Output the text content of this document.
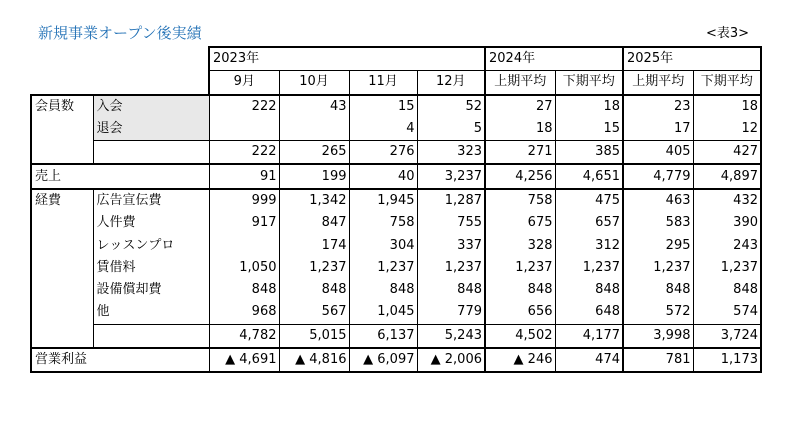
新規事業オープン後実績	<表3>
		2023年				2024年		2025年	
		9月	10月	11月	12月	上期平均	下期平均	上期平均	下期平均
会員数	入会	222	43	15	52	27	18	23	18
	退会			4	5	18	15	17	12
		222	265	276	323	271	385	405	427
売上		91	199	40	3,237	4,256	4,651	4,779	4,897
経費	広告宣伝費	999	1,342	1,945	1,287	758	475	463	432
	人件費	917	847	758	755	675	657	583	390
	レッスンプロ		174	304	337	328	312	295	243
	賃借料	1,050	1,237	1,237	1,237	1,237	1,237	1,237	1,237
	設備償却費	848	848	848	848	848	848	848	848
	他	968	567	1,045	779	656	648	572	574
		4,782	5,015	6,137	5,243	4,502	4,177	3,998	3,724
営業利益		▲ 4,691	▲ 4,816	▲ 6,097	▲ 2,006	▲ 246	474	781	1,173
